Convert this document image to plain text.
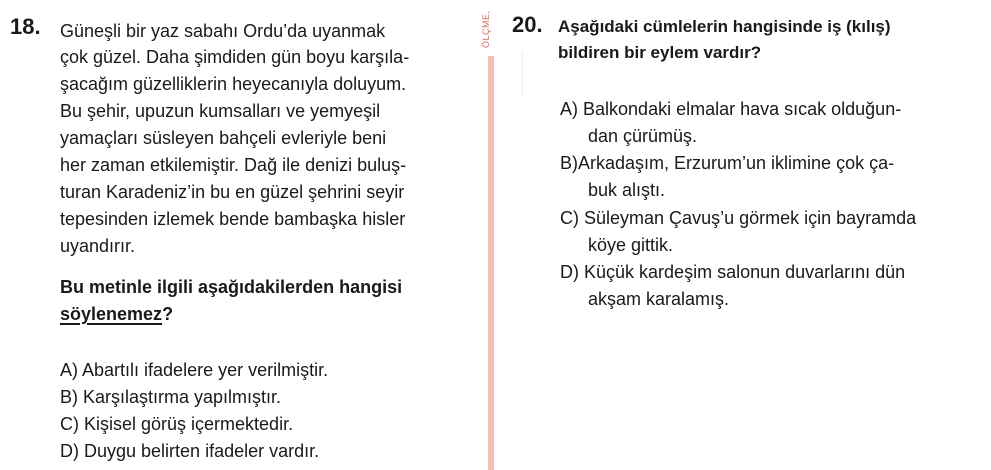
18. Güneşli bir yaz sabahı Ordu’da uyanmak
çok güzel. Daha şimdiden gün boyu karşıla-
şacağım güzelliklerin heyecanıyla doluyum.
Bu şehir, upuzun kumsalları ve yemyeşil
yamaçları süsleyen bahçeli evleriyle beni
her zaman etkilemiştir. Dağ ile denizi buluş-
turan Karadeniz’in bu en güzel şehrini seyir
tepesinden izlemek bende bambaşka hisler
uyandırır.
Bu metinle ilgili aşağıdakilerden hangisi
söylenemez?
A) Abartılı ifadelere yer verilmiştir.
B) Karşılaştırma yapılmıştır.
C) Kişisel görüş içermektedir.
D) Duygu belirten ifadeler vardır.
ÖLÇME, 20. Aşağıdaki cümlelerin hangisinde iş (kılış)
bildiren bir eylem vardır?
A) Balkondaki elmalar hava sıcak olduğun-
dan çürümüş.
B)Arkadaşım, Erzurum’un iklimine çok ça-
buk alıştı.
C) Süleyman Çavuş’u görmek için bayramda
köye gittik.
D) Küçük kardeşim salonun duvarlarını dün
akşam karalamış.
